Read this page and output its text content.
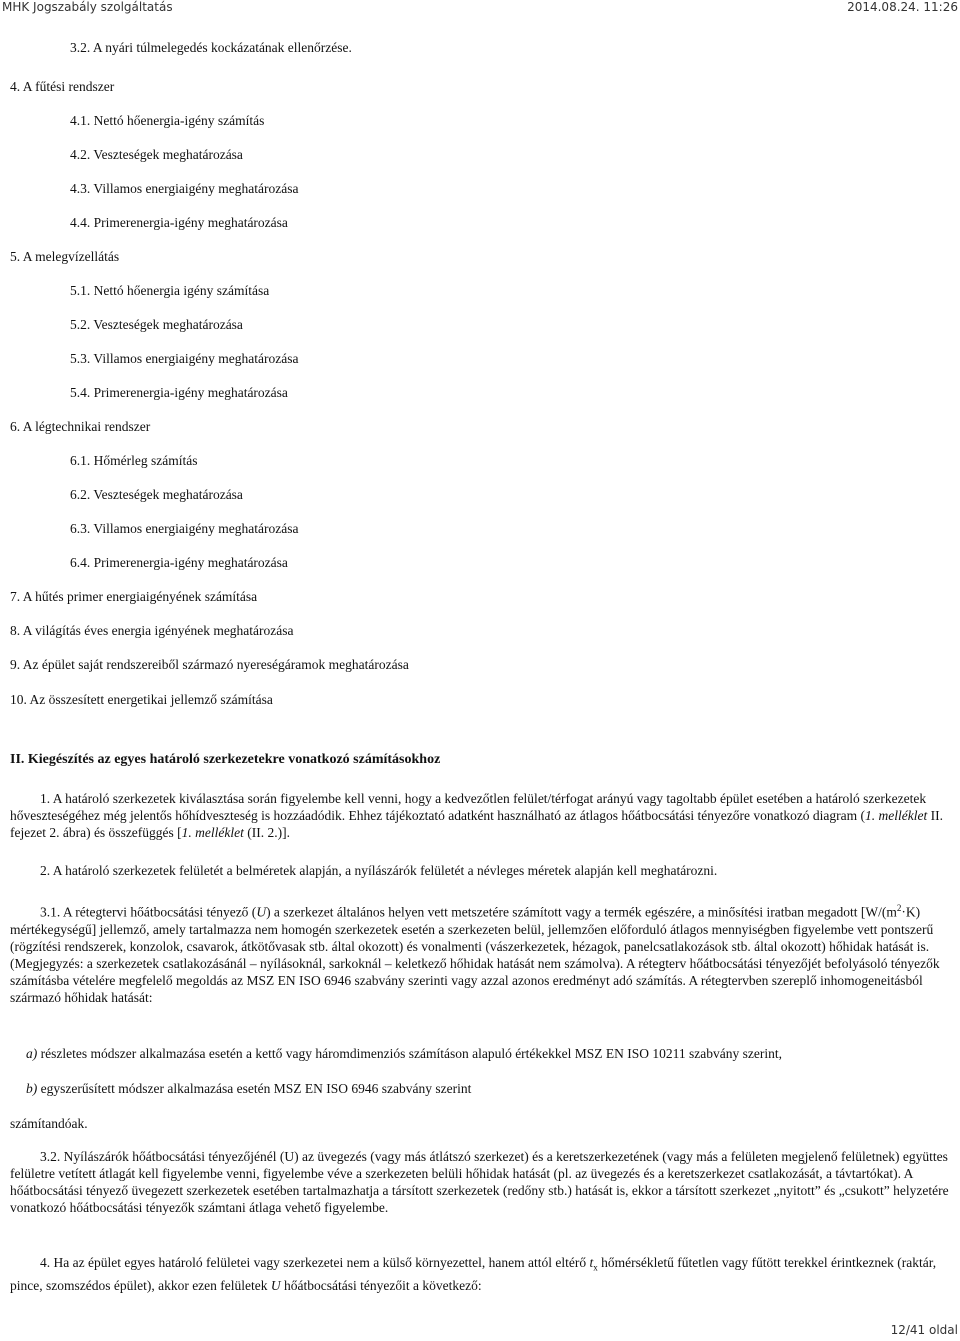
MHK Jogszabály szolgáltatás	2014.08.24. 11:26
3.2. A nyári túlmelegedés kockázatának ellenőrzése.
4. A fűtési rendszer
4.1. Nettó hőenergia-igény számítás
4.2. Veszteségek meghatározása
4.3. Villamos energiaigény meghatározása
4.4. Primerenergia-igény meghatározása
5. A melegvízellátás
5.1. Nettó hőenergia igény számítása
5.2. Veszteségek meghatározása
5.3. Villamos energiaigény meghatározása
5.4. Primerenergia-igény meghatározása
6. A légtechnikai rendszer
6.1. Hőmérleg számítás
6.2. Veszteségek meghatározása
6.3. Villamos energiaigény meghatározása
6.4. Primerenergia-igény meghatározása
7. A hűtés primer energiaigényének számítása
8. A világítás éves energia igényének meghatározása
9. Az épület saját rendszereiből származó nyereségáramok meghatározása
10. Az összesített energetikai jellemző számítása
II. Kiegészítés az egyes határoló szerkezetekre vonatkozó számításokhoz
1. A határoló szerkezetek kiválasztása során figyelembe kell venni, hogy a kedvezőtlen felület/térfogat arányú vagy tagoltabb épület esetében a határoló szerkezetek hőveszteségéhez még jelentős hőhídveszteség is hozzáadódik. Ehhez tájékoztató adatként használható az átlagos hőátbocsátási tényezőre vonatkozó diagram (1. melléklet II. fejezet 2. ábra) és összefüggés [1. melléklet (II. 2.)].
2. A határoló szerkezetek felületét a belméretek alapján, a nyílászárók felületét a névleges méretek alapján kell meghatározni.
3.1. A rétegtervi hőátbocsátási tényező (U) a szerkezet általános helyen vett metszetére számított vagy a termék egészére, a minősítési iratban megadott [$W/(m^2\cdot K)$ mértékegységű] jellemző, amely tartalmazza nem homogén szerkezetek esetén a szerkezeten belül, jellemzően előforduló átlagos mennyiségben figyelembe vett pontszerű (rögzítési rendszerek, konzolok, csavarok, átkötővasak stb. által okozott) és vonalmenti (vászerkezetek, hézagok, panelcsatlakozások stb. által okozott) hőhidak hatását is. (Megjegyzés: a szerkezetek csatlakozásánál – nyílásoknál, sarkoknál – keletkező hőhidak hatását nem számolva). A rétegterv hőátbocsátási tényezőjét befolyásoló tényezők számításba vételére megfelelő megoldás az MSZ EN ISO 6946 szabvány szerinti vagy azzal azonos eredményt adó számítás. A rétegtervben szereplő inhomogeneitásból származó hőhidak hatását:
a) részletes módszer alkalmazása esetén a kettő vagy háromdimenziós számításon alapuló értékekkel MSZ EN ISO 10211 szabvány szerint,
b) egyszerűsített módszer alkalmazása esetén MSZ EN ISO 6946 szabvány szerint
számítandóak.
3.2. Nyílászárók hőátbocsátási tényezőjénél (U) az üvegezés (vagy más átlátszó szerkezet) és a keretszerkezetének (vagy más a felületen megjelenő felületnek) együttes felületre vetített átlagát kell figyelembe venni, figyelembe véve a szerkezeten belüli hőhidak hatását (pl. az üvegezés és a keretszerkezet csatlakozását, a távtartókat). A hőátbocsátási tényező üvegezett szerkezetek esetében tartalmazhatja a társított szerkezetek (redőny stb.) hatását is, ekkor a társított szerkezet „nyitott” és „csukott” helyzetére vonatkozó hőátbocsátási tényezők számtani átlaga vehető figyelembe.
4. Ha az épület egyes határoló felületei vagy szerkezetei nem a külső környezettel, hanem attól eltérő $t_x$ hőmérsékletű fűtetlen vagy fűtött terekkel érintkeznek (raktár, pince, szomszédos épület), akkor ezen felületek U hőátbocsátási tényezőit a következő:
12/41 oldal
